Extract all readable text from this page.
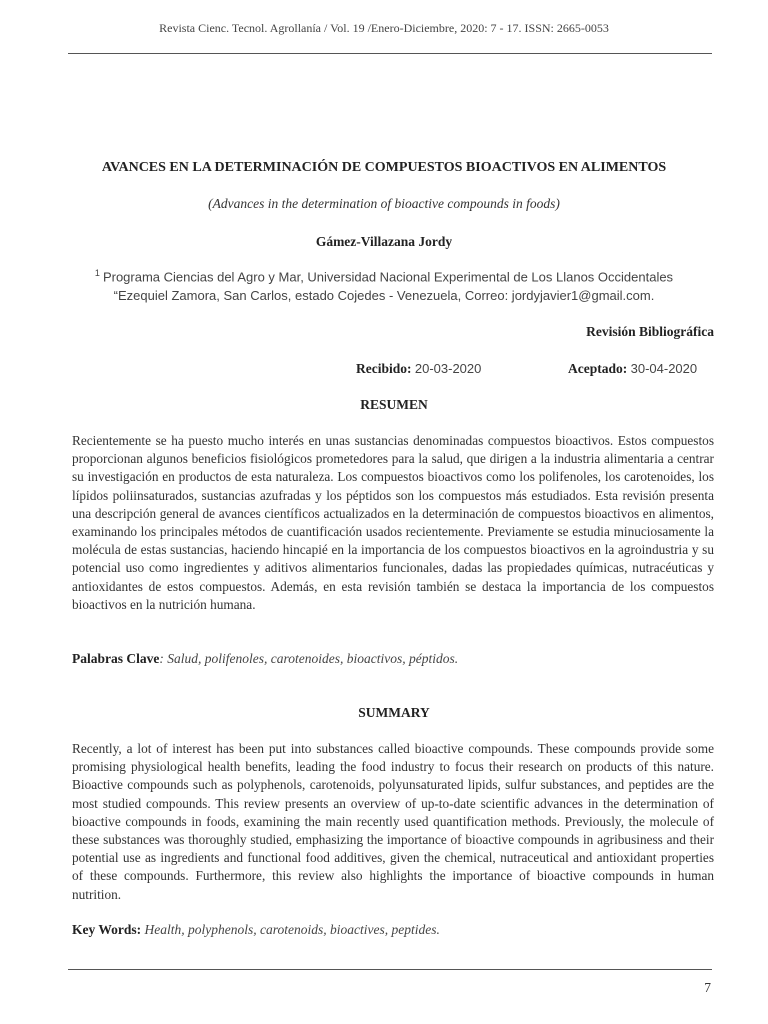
Revista Cienc. Tecnol. Agrollanía / Vol. 19 /Enero-Diciembre, 2020: 7 - 17. ISSN: 2665-0053
AVANCES EN LA DETERMINACIÓN DE COMPUESTOS BIOACTIVOS EN ALIMENTOS
(Advances in the determination of bioactive compounds in foods)
Gámez-Villazana Jordy
$^1$ Programa Ciencias del Agro y Mar, Universidad Nacional Experimental de Los Llanos Occidentales
“Ezequiel Zamora, San Carlos, estado Cojedes - Venezuela, Correo: jordyjavier1@gmail.com.
Revisión Bibliográfica
Recibido: 20-03-2020	Aceptado: 30-04-2020
RESUMEN
Recientemente se ha puesto mucho interés en unas sustancias denominadas compuestos bioactivos. Estos compuestos proporcionan algunos beneficios fisiológicos prometedores para la salud, que dirigen a la industria alimentaria a centrar su investigación en productos de esta naturaleza. Los compuestos bioactivos como los polifenoles, los carotenoides, los lípidos poliinsaturados, sustancias azufradas y los péptidos son los compuestos más estudiados. Esta revisión presenta una descripción general de avances científicos actualizados en la determinación de compuestos bioactivos en alimentos, examinando los principales métodos de cuantificación usados recientemente. Previamente se estudia minuciosamente la molécula de estas sustancias, haciendo hincapié en la importancia de los compuestos bioactivos en la agroindustria y su potencial uso como ingredientes y aditivos alimentarios funcionales, dadas las propiedades químicas, nutracéuticas y antioxidantes de estos compuestos. Además, en esta revisión también se destaca la importancia de los compuestos bioactivos en la nutrición humana.
Palabras Clave: Salud, polifenoles, carotenoides, bioactivos, péptidos.
SUMMARY
Recently, a lot of interest has been put into substances called bioactive compounds. These compounds provide some promising physiological health benefits, leading the food industry to focus their research on products of this nature. Bioactive compounds such as polyphenols, carotenoids, polyunsaturated lipids, sulfur substances, and peptides are the most studied compounds. This review presents an overview of up-to-date scientific advances in the determination of bioactive compounds in foods, examining the main recently used quantification methods. Previously, the molecule of these substances was thoroughly studied, emphasizing the importance of bioactive compounds in agribusiness and their potential use as ingredients and functional food additives, given the chemical, nutraceutical and antioxidant properties of these compounds. Furthermore, this review also highlights the importance of bioactive compounds in human nutrition.
Key Words: Health, polyphenols, carotenoids, bioactives, peptides.
7
